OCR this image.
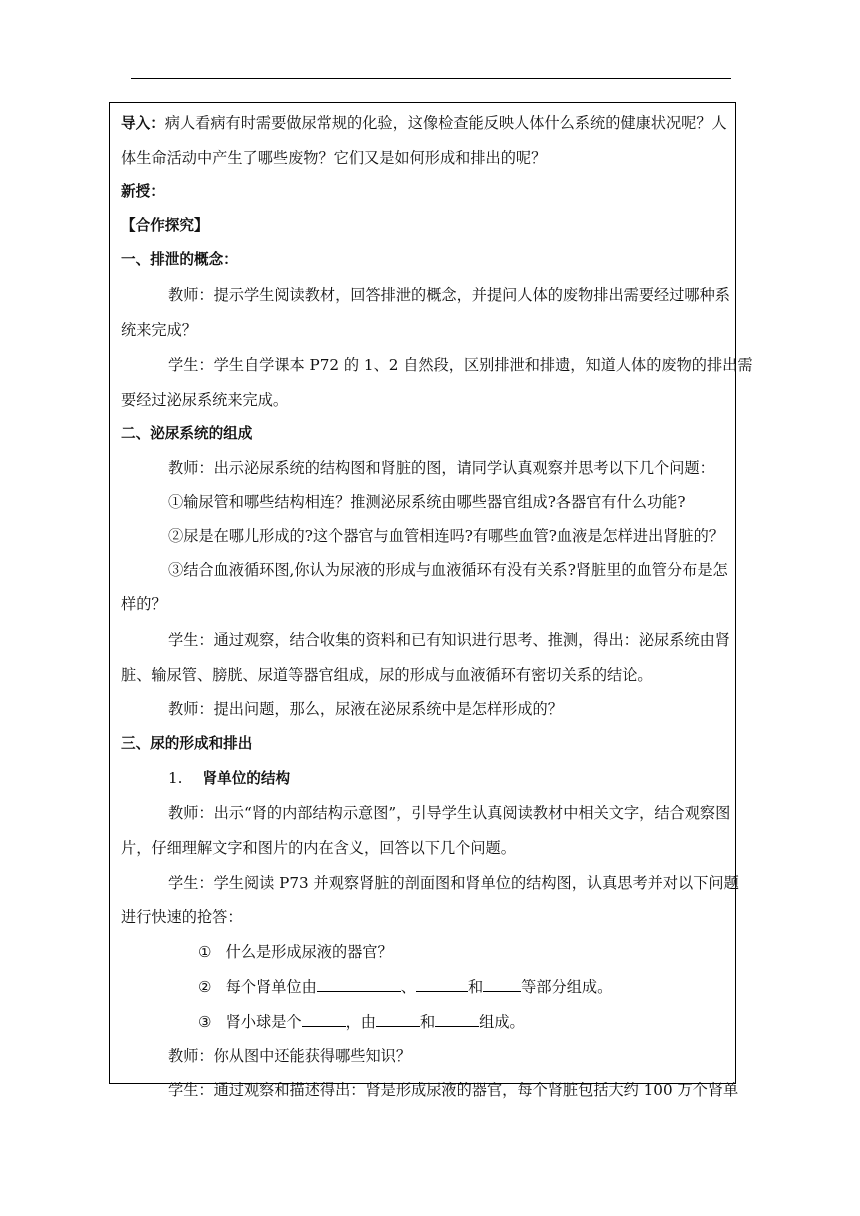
导入：病人看病有时需要做尿常规的化验，这像检查能反映人体什么系统的健康状况呢？人
体生命活动中产生了哪些废物？它们又是如何形成和排出的呢？
新授：
【合作探究】
一、排泄的概念：
教师：提示学生阅读教材，回答排泄的概念，并提问人体的废物排出需要经过哪种系
统来完成？
学生：学生自学课本 P72 的 1、2 自然段，区别排泄和排遗，知道人体的废物的排出需
要经过泌尿系统来完成。
二、泌尿系统的组成
教师：出示泌尿系统的结构图和肾脏的图，请同学认真观察并思考以下几个问题：
①输尿管和哪些结构相连？推测泌尿系统由哪些器官组成?各器官有什么功能?
②尿是在哪儿形成的?这个器官与血管相连吗?有哪些血管?血液是怎样进出肾脏的？
③结合血液循环图,你认为尿液的形成与血液循环有没有关系?肾脏里的血管分布是怎
样的？
学生：通过观察，结合收集的资料和已有知识进行思考、推测，得出：泌尿系统由肾
脏、输尿管、膀胱、尿道等器官组成，尿的形成与血液循环有密切关系的结论。
教师：提出问题，那么，尿液在泌尿系统中是怎样形成的？
三、尿的形成和排出
1. 肾单位的结构
教师：出示“肾的内部结构示意图”，引导学生认真阅读教材中相关文字，结合观察图
片，仔细理解文字和图片的内在含义，回答以下几个问题。
学生：学生阅读 P73 并观察肾脏的剖面图和肾单位的结构图，认真思考并对以下问题
进行快速的抢答：
① 什么是形成尿液的器官？
② 每个肾单位由	、	和	等部分组成。
③ 肾小球是个	，由	和	组成。
教师：你从图中还能获得哪些知识？
学生：通过观察和描述得出：肾是形成尿液的器官，每个肾脏包括大约 100 万个肾单
